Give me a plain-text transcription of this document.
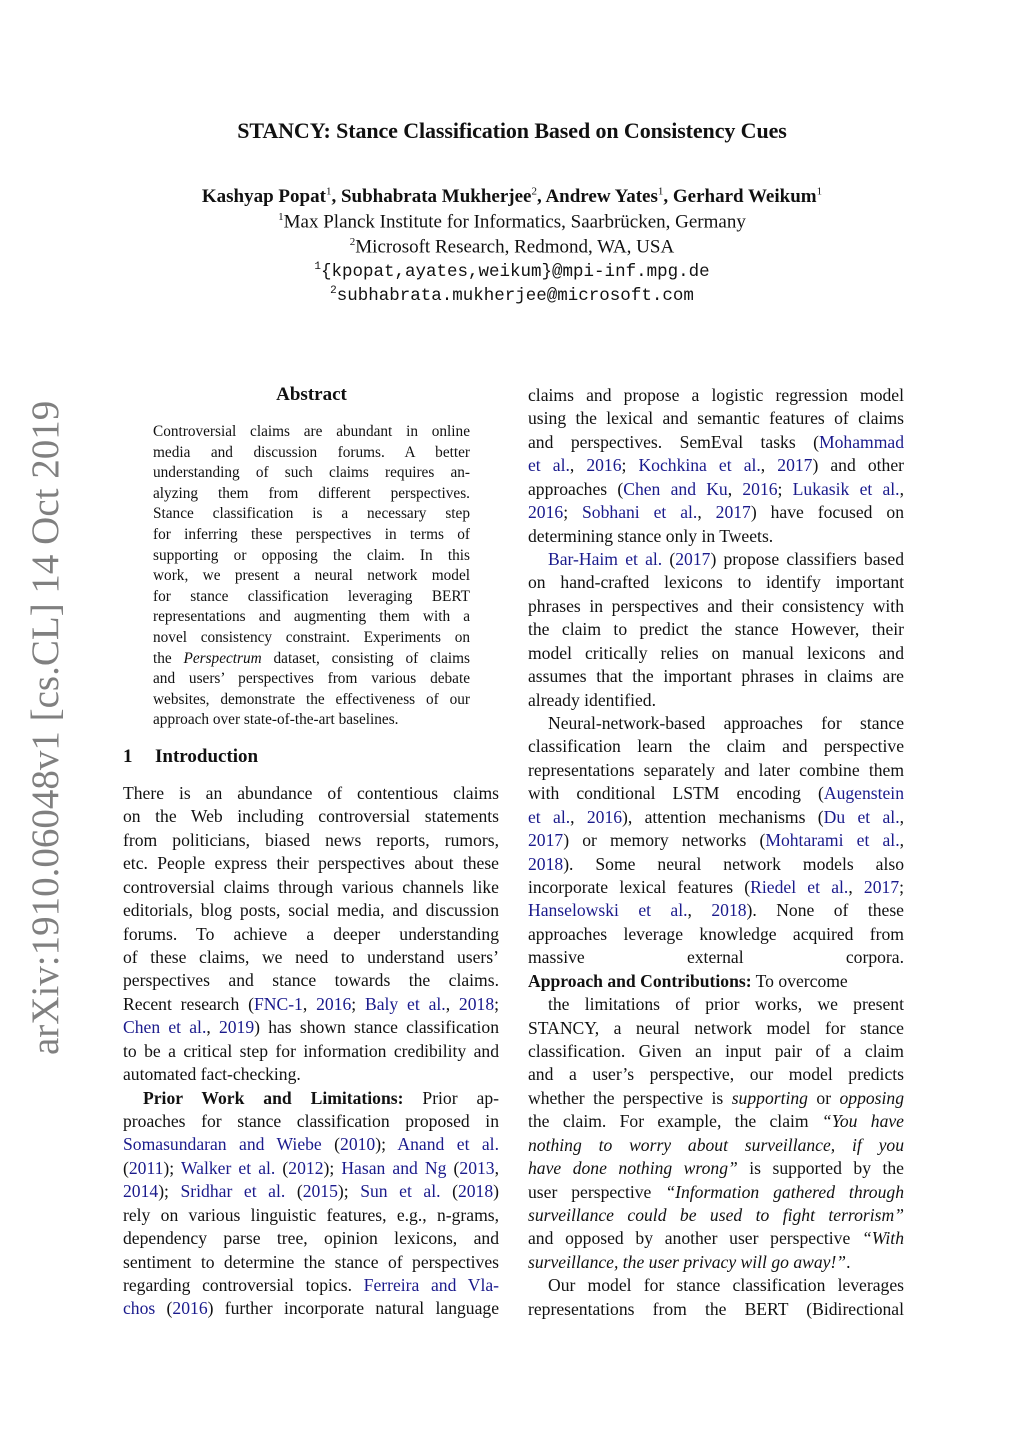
STANCY: Stance Classification Based on Consistency Cues
Kashyap Popat$^1$, Subhabrata Mukherjee$^2$, Andrew Yates$^1$, Gerhard Weikum$^1$
$^1$Max Planck Institute for Informatics, Saarbrücken, Germany
$^2$Microsoft Research, Redmond, WA, USA
$^1${kpopat,ayates,weikum}@mpi-inf.mpg.de
$^2$subhabrata.mukherjee@microsoft.com
arXiv:1910.06048v1 [cs.CL] 14 Oct 2019
Abstract
Controversial claims are abundant in online
media and discussion forums. A better
understanding of such claims requires an-
alyzing them from different perspectives.
Stance classification is a necessary step
for inferring these perspectives in terms of
supporting or opposing the claim. In this
work, we present a neural network model
for stance classification leveraging BERT
representations and augmenting them with a
novel consistency constraint. Experiments on
the Perspectrum dataset, consisting of claims
and users’ perspectives from various debate
websites, demonstrate the effectiveness of our
approach over state-of-the-art baselines.
1 Introduction
There is an abundance of contentious claims
on the Web including controversial statements
from politicians, biased news reports, rumors,
etc. People express their perspectives about these
controversial claims through various channels like
editorials, blog posts, social media, and discussion
forums. To achieve a deeper understanding
of these claims, we need to understand users’
perspectives and stance towards the claims.
Recent research (FNC-1, 2016; Baly et al., 2018;
Chen et al., 2019) has shown stance classification
to be a critical step for information credibility and
automated fact-checking.
Prior Work and Limitations: Prior ap-
proaches for stance classification proposed in
Somasundaran and Wiebe (2010); Anand et al.
(2011); Walker et al. (2012); Hasan and Ng (2013,
2014); Sridhar et al. (2015); Sun et al. (2018)
rely on various linguistic features, e.g., n-grams,
dependency parse tree, opinion lexicons, and
sentiment to determine the stance of perspectives
regarding controversial topics. Ferreira and Vla-
chos (2016) further incorporate natural language
claims and propose a logistic regression model
using the lexical and semantic features of claims
and perspectives. SemEval tasks (Mohammad
et al., 2016; Kochkina et al., 2017) and other
approaches (Chen and Ku, 2016; Lukasik et al.,
2016; Sobhani et al., 2017) have focused on
determining stance only in Tweets.
Bar-Haim et al. (2017) propose classifiers based
on hand-crafted lexicons to identify important
phrases in perspectives and their consistency with
the claim to predict the stance However, their
model critically relies on manual lexicons and
assumes that the important phrases in claims are
already identified.
Neural-network-based approaches for stance
classification learn the claim and perspective
representations separately and later combine them
with conditional LSTM encoding (Augenstein
et al., 2016), attention mechanisms (Du et al.,
2017) or memory networks (Mohtarami et al.,
2018). Some neural network models also
incorporate lexical features (Riedel et al., 2017;
Hanselowski et al., 2018). None of these
approaches leverage knowledge acquired from
massive external corpora.
Approach and Contributions: To overcome
the limitations of prior works, we present
STANCY, a neural network model for stance
classification. Given an input pair of a claim
and a user’s perspective, our model predicts
whether the perspective is supporting or opposing
the claim. For example, the claim “You have
nothing to worry about surveillance, if you
have done nothing wrong” is supported by the
user perspective “Information gathered through
surveillance could be used to fight terrorism”
and opposed by another user perspective “With
surveillance, the user privacy will go away!”.
Our model for stance classification leverages
representations from the BERT (Bidirectional
